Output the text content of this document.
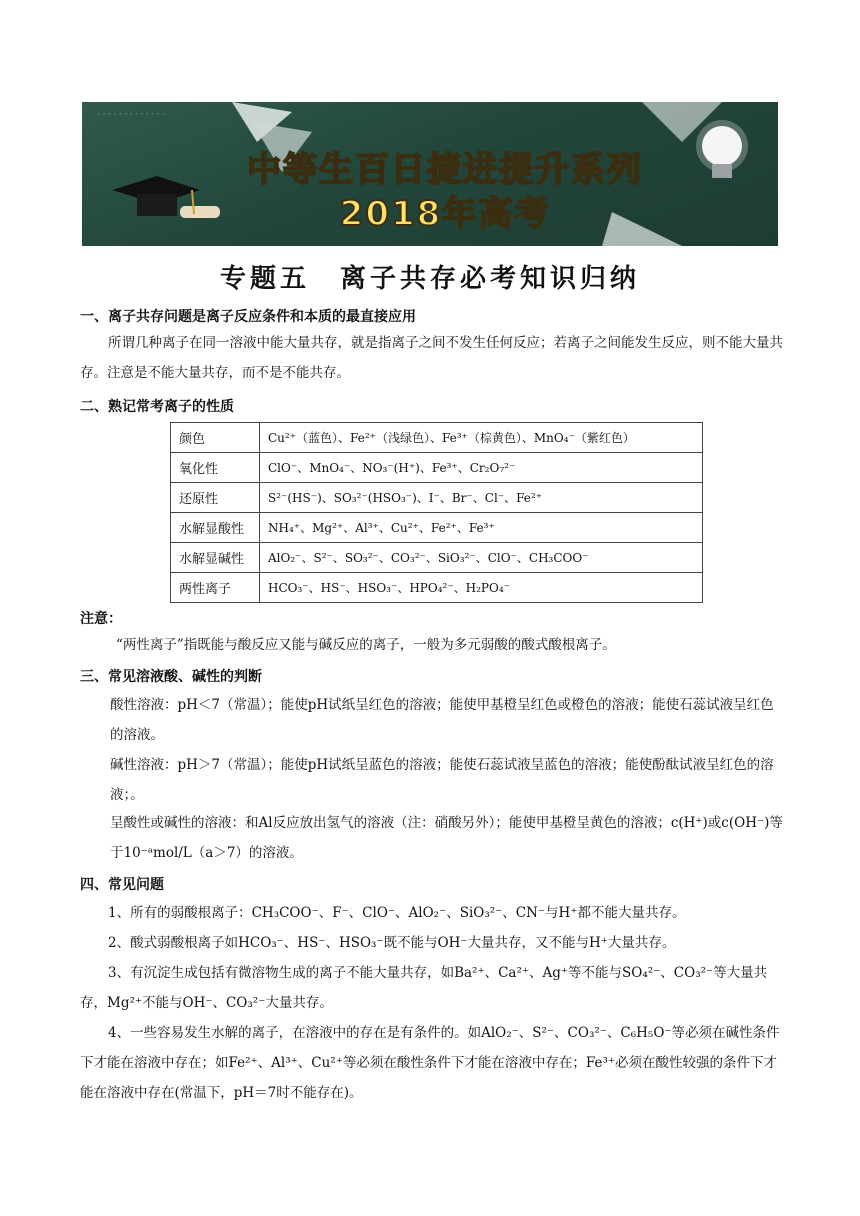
·············
中等生百日捷进提升系列
2018年高考
专题五　离子共存必考知识归纳
一、离子共存问题是离子反应条件和本质的最直接应用
所谓几种离子在同一溶液中能大量共存，就是指离子之间不发生任何反应；若离子之间能发生反应，则不能大量共存。注意是不能大量共存，而不是不能共存。
二、熟记常考离子的性质
颜色	Cu²⁺（蓝色）、Fe²⁺（浅绿色）、Fe³⁺（棕黄色）、MnO₄⁻（紫红色）
氧化性	ClO⁻、MnO₄⁻、NO₃⁻(H⁺)、Fe³⁺、Cr₂O₇²⁻
还原性	S²⁻(HS⁻)、SO₃²⁻(HSO₃⁻)、I⁻、Br⁻、Cl⁻、Fe²⁺
水解显酸性	NH₄⁺、Mg²⁺、Al³⁺、Cu²⁺、Fe²⁺、Fe³⁺
水解显碱性	AlO₂⁻、S²⁻、SO₃²⁻、CO₃²⁻、SiO₃²⁻、ClO⁻、CH₃COO⁻
两性离子	HCO₃⁻、HS⁻、HSO₃⁻、HPO₄²⁻、H₂PO₄⁻
注意：
“两性离子”指既能与酸反应又能与碱反应的离子，一般为多元弱酸的酸式酸根离子。
三、常见溶液酸、碱性的判断
酸性溶液：pH＜7（常温）；能使pH试纸呈红色的溶液；能使甲基橙呈红色或橙色的溶液；能使石蕊试液呈红色的溶液。
碱性溶液：pH＞7（常温）；能使pH试纸呈蓝色的溶液；能使石蕊试液呈蓝色的溶液；能使酚酞试液呈红色的溶液；。
呈酸性或碱性的溶液：和Al反应放出氢气的溶液（注：硝酸另外）；能使甲基橙呈黄色的溶液；c(H⁺)或c(OH⁻)等于10⁻ᵃmol/L（a＞7）的溶液。
四、常见问题
1、所有的弱酸根离子：CH₃COO⁻、F⁻、ClO⁻、AlO₂⁻、SiO₃²⁻、CN⁻与H⁺都不能大量共存。
2、酸式弱酸根离子如HCO₃⁻、HS⁻、HSO₃⁻既不能与OH⁻大量共存，又不能与H⁺大量共存。
3、有沉淀生成包括有微溶物生成的离子不能大量共存，如Ba²⁺、Ca²⁺、Ag⁺等不能与SO₄²⁻、CO₃²⁻等大量共存，Mg²⁺不能与OH⁻、CO₃²⁻大量共存。
4、一些容易发生水解的离子，在溶液中的存在是有条件的。如AlO₂⁻、S²⁻、CO₃²⁻、C₆H₅O⁻等必须在碱性条件下才能在溶液中存在；如Fe²⁺、Al³⁺、Cu²⁺等必须在酸性条件下才能在溶液中存在；Fe³⁺必须在酸性较强的条件下才能在溶液中存在(常温下，pH＝7时不能存在)。
